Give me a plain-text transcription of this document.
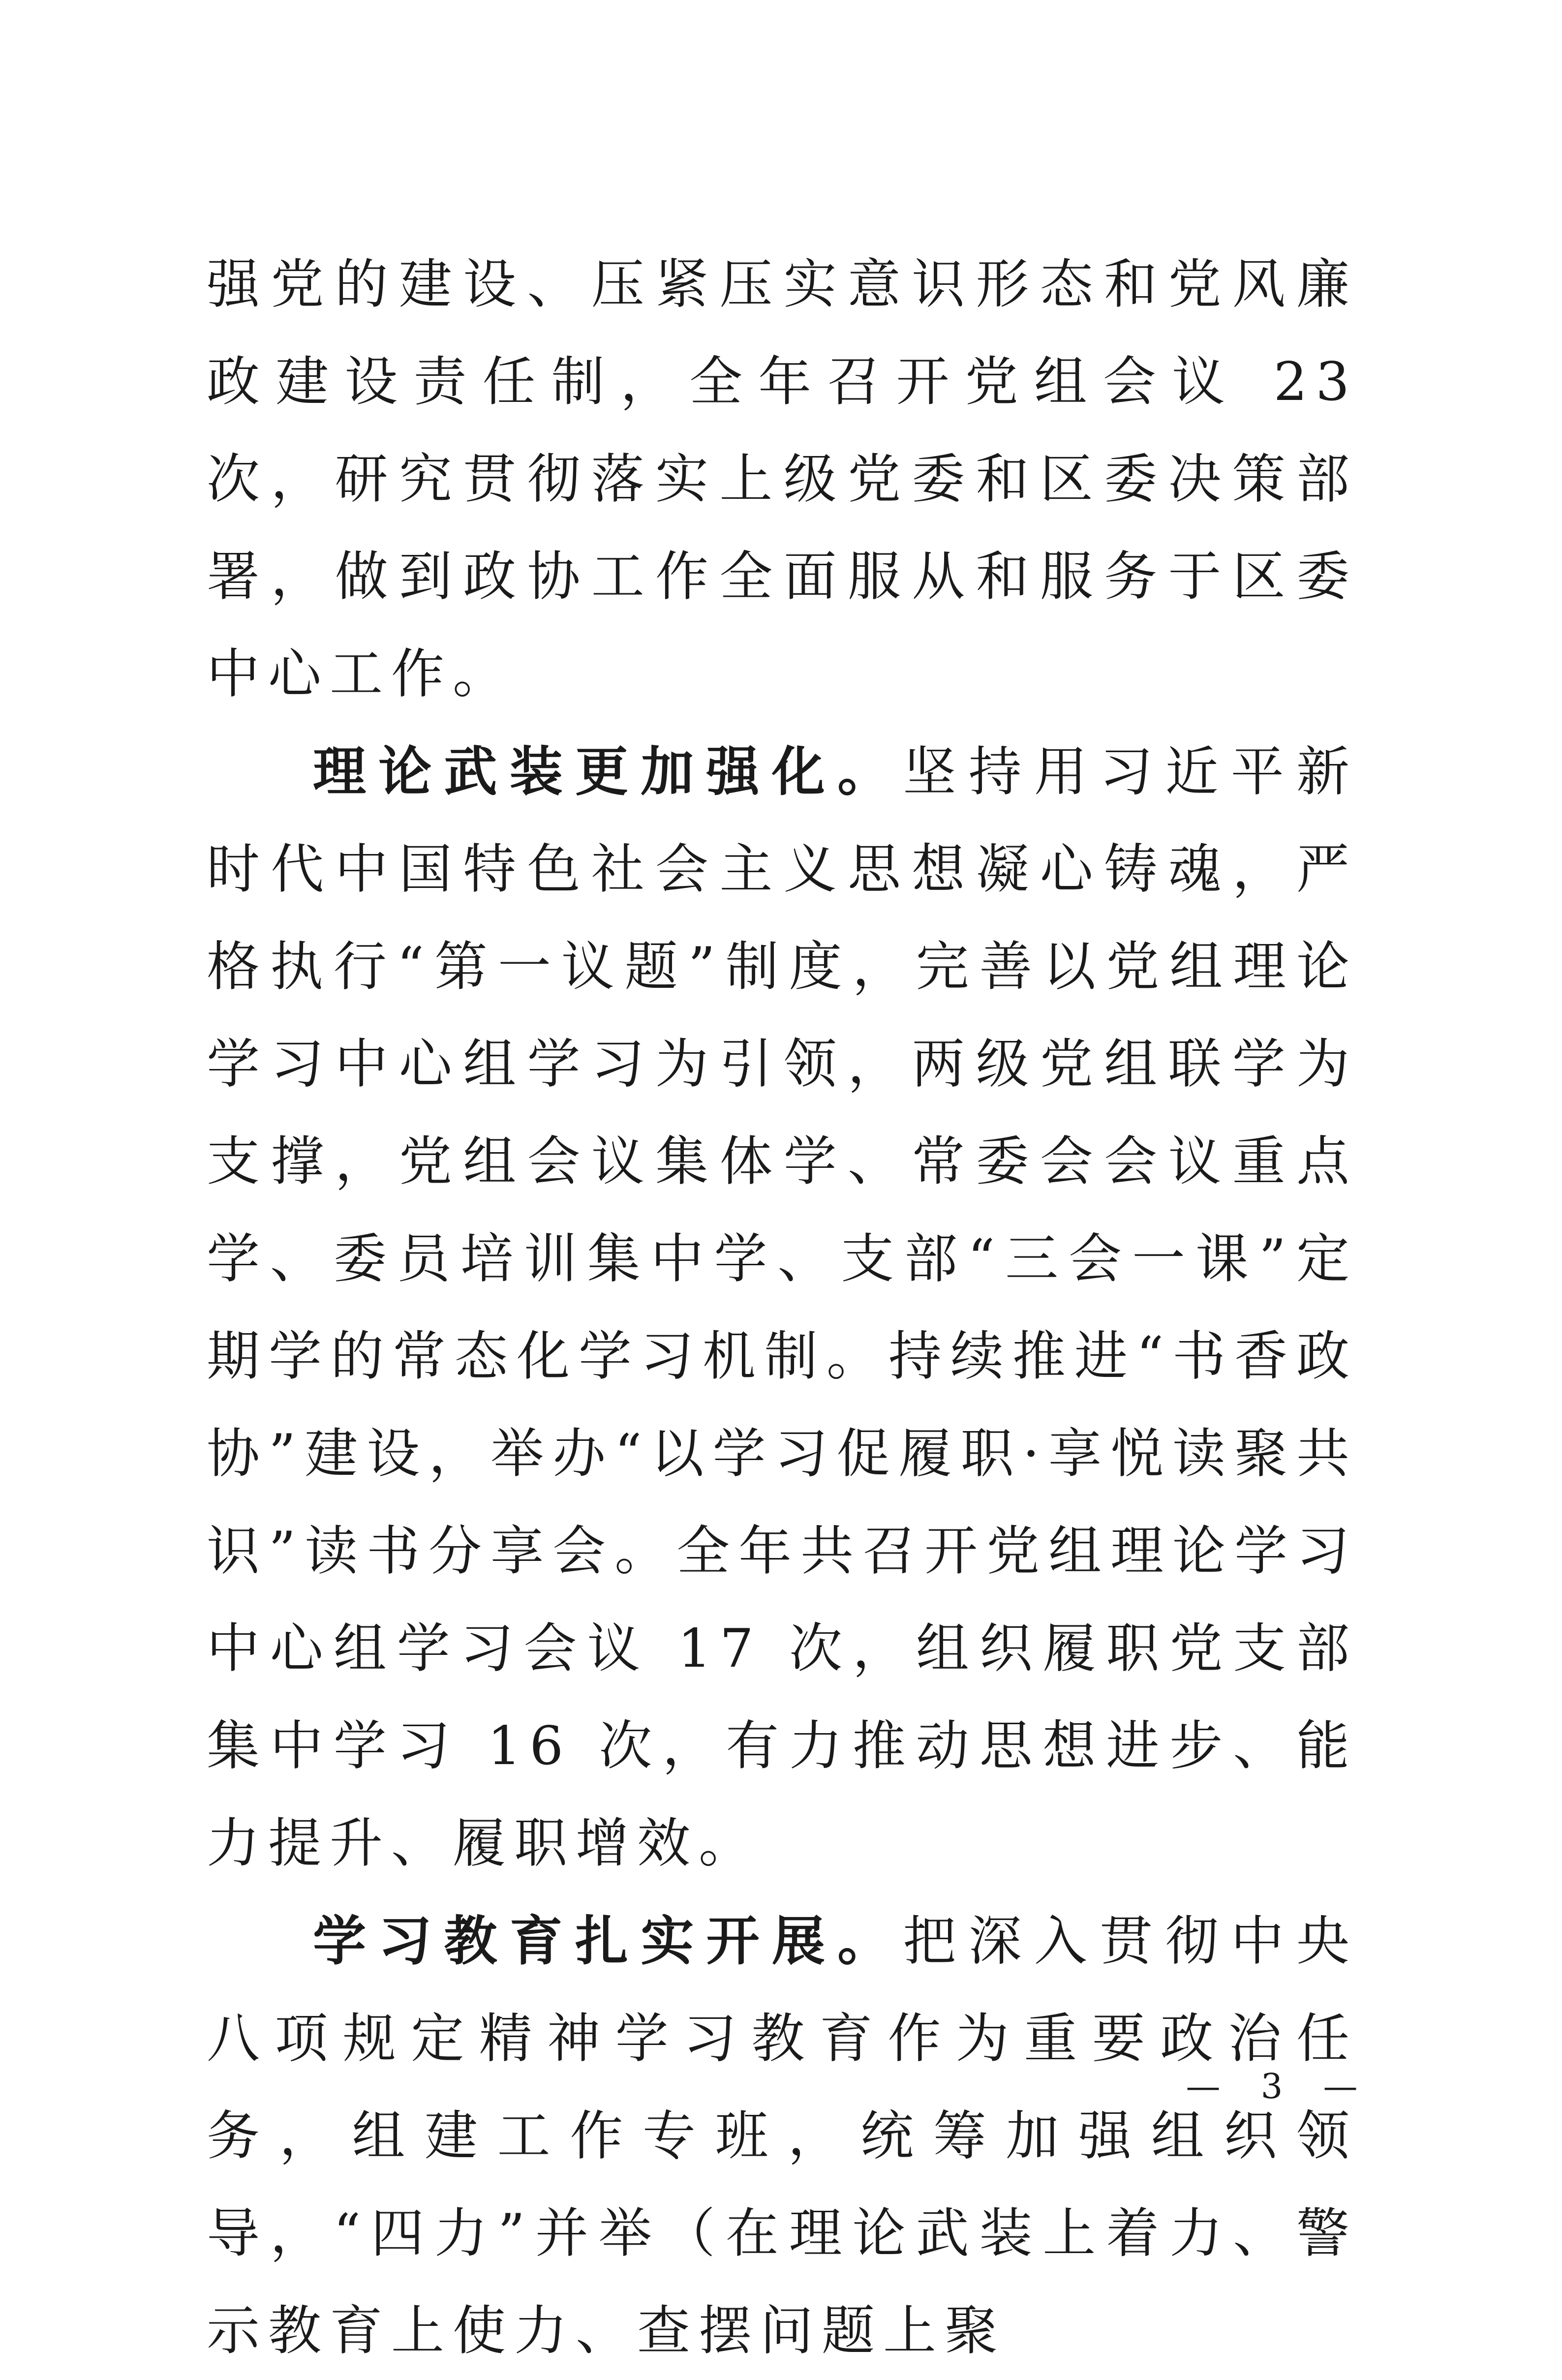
强党的建设、压紧压实意识形态和党风廉政建设责任制，全年召开党组会议 23 次，研究贯彻落实上级党委和区委决策部署，做到政协工作全面服从和服务于区委中心工作。

理论武装更加强化。坚持用习近平新时代中国特色社会主义思想凝心铸魂，严格执行“第一议题”制度，完善以党组理论学习中心组学习为引领，两级党组联学为支撑，党组会议集体学、常委会会议重点学、委员培训集中学、支部“三会一课”定期学的常态化学习机制。持续推进“书香政协”建设，举办“以学习促履职·享悦读聚共识”读书分享会。全年共召开党组理论学习中心组学习会议 17 次，组织履职党支部集中学习 16 次，有力推动思想进步、能力提升、履职增效。

学习教育扎实开展。把深入贯彻中央八项规定精神学习教育作为重要政治任务，组建工作专班，统筹加强组织领导，“四力”并举（在理论武装上着力、警示教育上使力、查摆问题上聚

— 3 —
